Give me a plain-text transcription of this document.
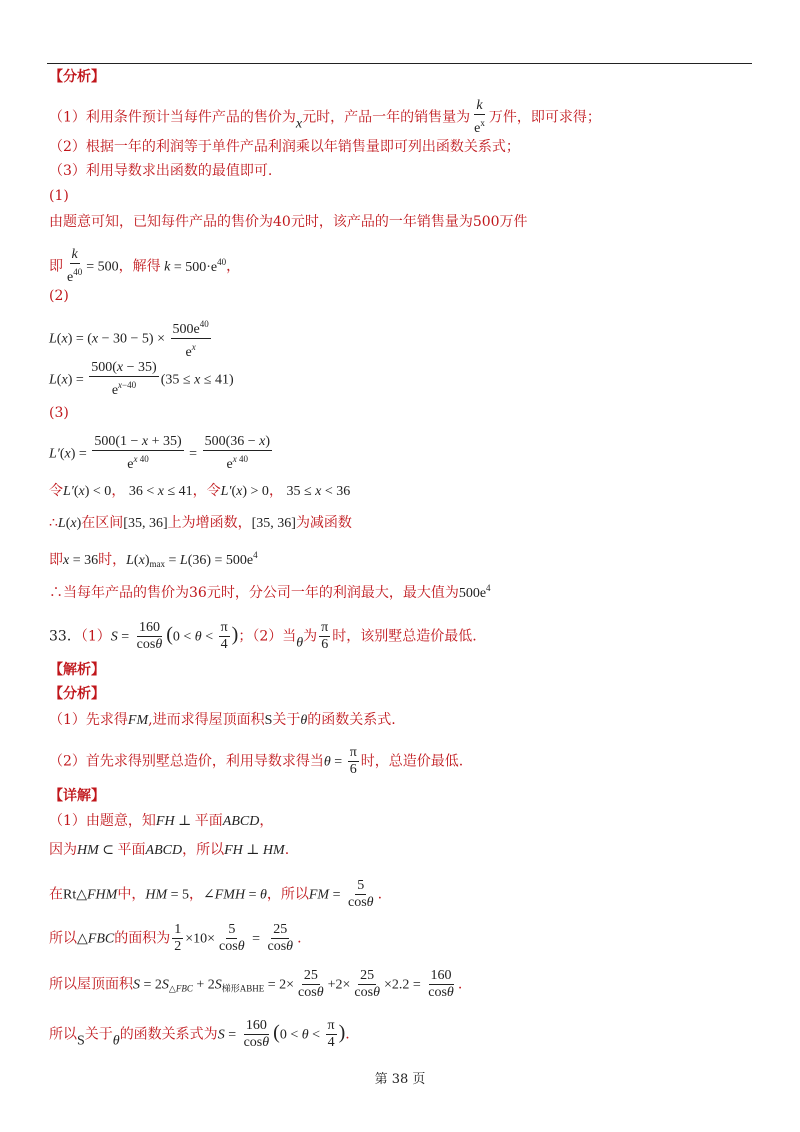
【分析】
（1）利用条件预计当每件产品的售价为x元时，产品一年的销售量为 $\frac{k}{e^x}$ 万件，即可求得；
（2）根据一年的利润等于单件产品利润乘以年销售量即可列出函数关系式；
（3）利用导数求出函数的最值即可.
(1)
由题意可知，已知每件产品的售价为40元时，该产品的一年销售量为500万件
即 $\frac{k}{e^{40}} = 500$，解得 $k = 500\cdot e^{40}$，
(2)
$L(x) = (x - 30 - 5) \times \frac{500e^{40}}{e^x}$
$L(x) = \frac{500(x - 35)}{e^{x-40}} (35 \le x \le 41)$
(3)
$L'(x) = \frac{500(1 - x + 35)}{e^{x 40}} = \frac{500(36 - x)}{e^{x 40}}$
令L′(x) < 0， 36 < x ≤ 41，令L′(x) > 0， 35 ≤ x < 36
∴L(x)在区间[35, 36]上为增函数，[35, 36]为减函数
即x = 36时，$L(x)_{max} = L(36) = 500e^4$
∴当每年产品的售价为36元时，分公司一年的利润最大，最大值为$500e^4$
33．$(1)S = \frac{160}{\cos\theta} (0 < \theta < \frac{\pi}{4}$ )；（2）当θ为 $\frac{\pi}{6}$ 时，该别墅总造价最低.
【解析】
【分析】
（1）先求得FM,进而求得屋顶面积S关于θ的函数关系式.
（2）首先求得别墅总造价，利用导数求得当$\theta = \frac{\pi}{6}$ 时，总造价最低.
【详解】
（1）由题意，知FH ⊥ 平面ABCD，
因为HM ⊂ 平面ABCD，所以FH ⊥ HM.
在Rt△FHM中，HM = 5，∠FMH = θ，所以FM = $\frac{5}{\cos\theta}$ .
所以△FBC的面积为 $\frac{1}{2} \times 10\times \frac{5}{\cos\theta} = \frac{25}{\cos\theta}$ .
所以屋顶面积$S = 2S_{\triangle FBC} + 2S_{梯形ABHE} = 2\times \frac{25}{\cos\theta} +2\times \frac{25}{\cos\theta} \times 2.2 = \frac{160}{\cos\theta}$ .
所以S关于θ的函数关系式为$S = \frac{160}{\cos\theta} (0 < \theta < \frac{\pi}{4}$ ).
第 38 页
